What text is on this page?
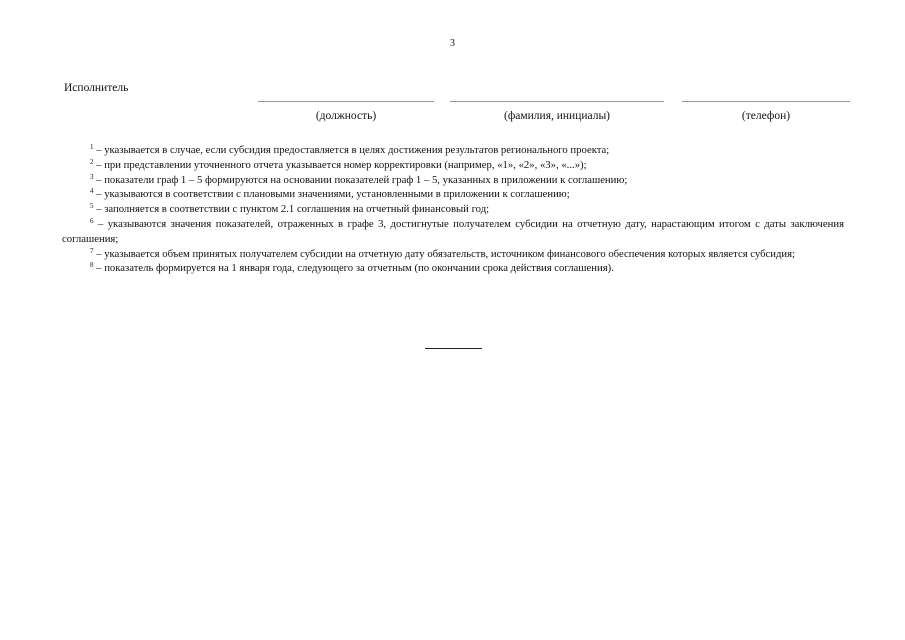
3
Исполнитель
(должность)	(фамилия, инициалы)	(телефон)

$^1$ – указывается в случае, если субсидия предоставляется в целях достижения результатов регионального проекта;

$^2$ – при представлении уточненного отчета указывается номер корректировки (например, «1», «2», «3», «...»);

$^3$ – показатели граф 1 – 5 формируются на основании показателей граф 1 – 5, указанных в приложении к соглашению;

$^4$ – указываются в соответствии с плановыми значениями, установленными в приложении к соглашению;

$^5$ – заполняется в соответствии с пунктом 2.1 соглашения на отчетный финансовый год;

$^6$ – указываются значения показателей, отраженных в графе 3, достигнутые получателем субсидии на отчетную дату, нарастающим итогом с даты заключения соглашения;

$^7$ – указывается объем принятых получателем субсидии на отчетную дату обязательств, источником финансового обеспечения которых является субсидия;

$^8$ – показатель формируется на 1 января года, следующего за отчетным (по окончании срока действия соглашения).
